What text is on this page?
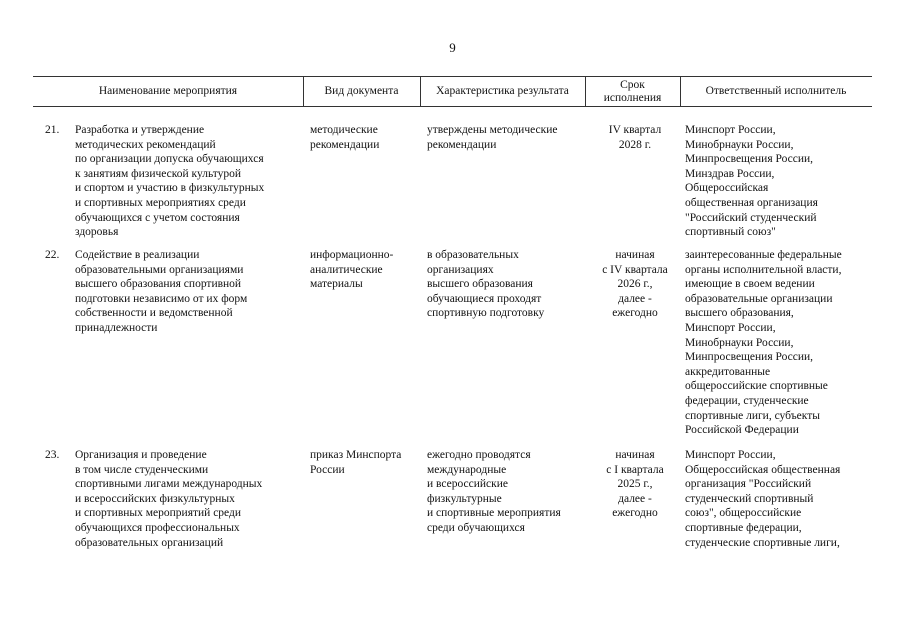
9
Наименование мероприятия	Вид документа	Характеристика результата
Срок
исполнения
Ответственный исполнитель
21. Разработка и утверждение
методических рекомендаций
по организации допуска обучающихся
к занятиям физической культурой
и спортом и участию в физкультурных
и спортивных мероприятиях среди
обучающихся с учетом состояния
здоровья
методические
рекомендации
утверждены методические
рекомендации
IV квартал
2028 г.
Минспорт России,
Минобрнауки России,
Минпросвещения России,
Минздрав России,
Общероссийская
общественная организация
"Российский студенческий
спортивный союз"
22. Содействие в реализации
образовательными организациями
высшего образования спортивной
подготовки независимо от их форм
собственности и ведомственной
принадлежности
информационно-
аналитические
материалы
в образовательных
организациях
высшего образования
обучающиеся проходят
спортивную подготовку
начиная
с IV квартала
2026 г.,
далее -
ежегодно
заинтересованные федеральные
органы исполнительной власти,
имеющие в своем ведении
образовательные организации
высшего образования,
Минспорт России,
Минобрнауки России,
Минпросвещения России,
аккредитованные
общероссийские спортивные
федерации, студенческие
спортивные лиги, субъекты
Российской Федерации
23. Организация и проведение
в том числе студенческими
спортивными лигами международных
и всероссийских физкультурных
и спортивных мероприятий среди
обучающихся профессиональных
образовательных организаций
приказ Минспорта
России
ежегодно проводятся
международные
и всероссийские
физкультурные
и спортивные мероприятия
среди обучающихся
начиная
с I квартала
2025 г.,
далее -
ежегодно
Минспорт России,
Общероссийская общественная
организация "Российский
студенческий спортивный
союз", общероссийские
спортивные федерации,
студенческие спортивные лиги,
